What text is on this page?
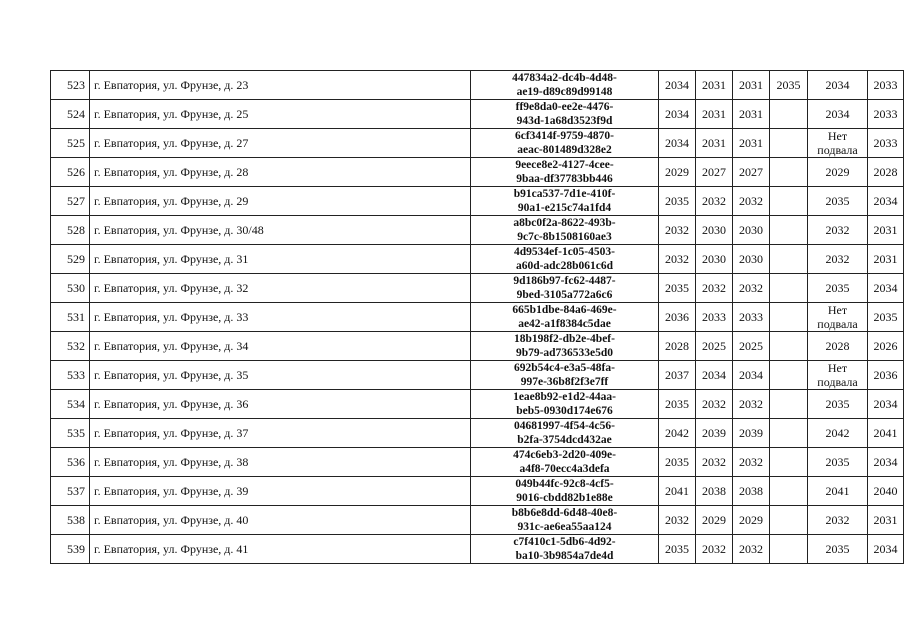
523	г. Евпатория, ул. Фрунзе, д. 23	447834a2-dc4b-4d48-
ae19-d89c89d99148	2034	2031	2031	2035	2034	2033
524	г. Евпатория, ул. Фрунзе, д. 25	ff9e8da0-ee2e-4476-
943d-1a68d3523f9d	2034	2031	2031		2034	2033
525	г. Евпатория, ул. Фрунзе, д. 27	6cf3414f-9759-4870-
aeac-801489d328e2	2034	2031	2031		Нет
подвала	2033
526	г. Евпатория, ул. Фрунзе, д. 28	9eece8e2-4127-4cee-
9baa-df37783bb446	2029	2027	2027		2029	2028
527	г. Евпатория, ул. Фрунзе, д. 29	b91ca537-7d1e-410f-
90a1-e215c74a1fd4	2035	2032	2032		2035	2034
528	г. Евпатория, ул. Фрунзе, д. 30/48	a8bc0f2a-8622-493b-
9c7c-8b1508160ae3	2032	2030	2030		2032	2031
529	г. Евпатория, ул. Фрунзе, д. 31	4d9534ef-1c05-4503-
a60d-adc28b061c6d	2032	2030	2030		2032	2031
530	г. Евпатория, ул. Фрунзе, д. 32	9d186b97-fc62-4487-
9bed-3105a772a6c6	2035	2032	2032		2035	2034
531	г. Евпатория, ул. Фрунзе, д. 33	665b1dbe-84a6-469e-
ae42-a1f8384c5dae	2036	2033	2033		Нет
подвала	2035
532	г. Евпатория, ул. Фрунзе, д. 34	18b198f2-db2e-4bef-
9b79-ad736533e5d0	2028	2025	2025		2028	2026
533	г. Евпатория, ул. Фрунзе, д. 35	692b54c4-e3a5-48fa-
997e-36b8f2f3e7ff	2037	2034	2034		Нет
подвала	2036
534	г. Евпатория, ул. Фрунзе, д. 36	1eae8b92-e1d2-44aa-
beb5-0930d174e676	2035	2032	2032		2035	2034
535	г. Евпатория, ул. Фрунзе, д. 37	04681997-4f54-4c56-
b2fa-3754dcd432ae	2042	2039	2039		2042	2041
536	г. Евпатория, ул. Фрунзе, д. 38	474c6eb3-2d20-409e-
a4f8-70ecc4a3defa	2035	2032	2032		2035	2034
537	г. Евпатория, ул. Фрунзе, д. 39	049b44fc-92c8-4cf5-
9016-cbdd82b1e88e	2041	2038	2038		2041	2040
538	г. Евпатория, ул. Фрунзе, д. 40	b8b6e8dd-6d48-40e8-
931c-ae6ea55aa124	2032	2029	2029		2032	2031
539	г. Евпатория, ул. Фрунзе, д. 41	c7f410c1-5db6-4d92-
ba10-3b9854a7de4d	2035	2032	2032		2035	2034
